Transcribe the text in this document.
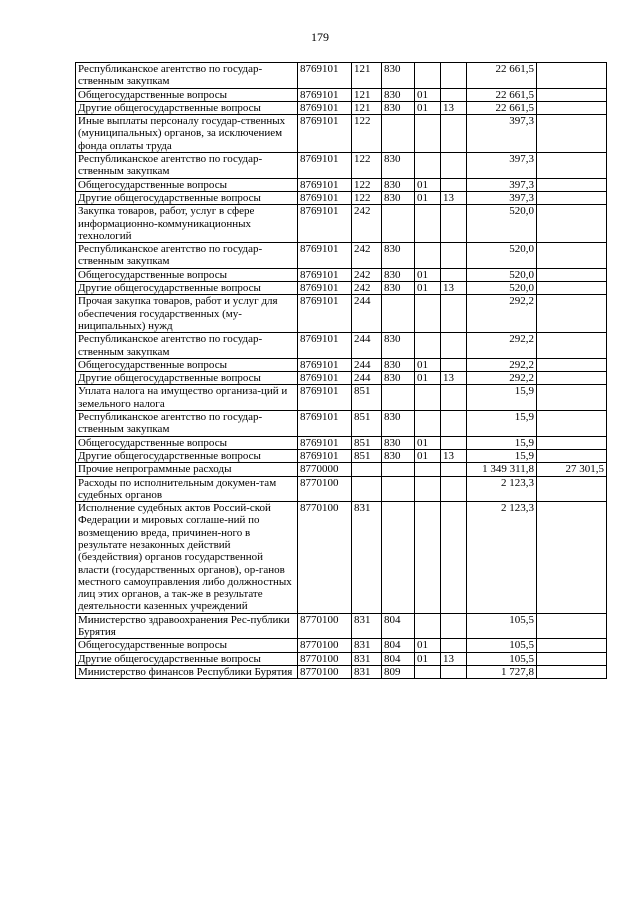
179
Республиканское агентство по государ-ственным закупкам	8769101	121	830			22 661,5	
Общегосударственные вопросы	8769101	121	830	01		22 661,5	
Другие общегосударственные вопросы	8769101	121	830	01	13	22 661,5	
Иные выплаты персоналу государ-ственных (муниципальных) органов, за исключением фонда оплаты труда	8769101	122				397,3	
Республиканское агентство по государ-ственным закупкам	8769101	122	830			397,3	
Общегосударственные вопросы	8769101	122	830	01		397,3	
Другие общегосударственные вопросы	8769101	122	830	01	13	397,3	
Закупка товаров, работ, услуг в сфере информационно-коммуникационных технологий	8769101	242				520,0	
Республиканское агентство по государ-ственным закупкам	8769101	242	830			520,0	
Общегосударственные вопросы	8769101	242	830	01		520,0	
Другие общегосударственные вопросы	8769101	242	830	01	13	520,0	
Прочая закупка товаров, работ и услуг для обеспечения государственных (му-ниципальных) нужд	8769101	244				292,2	
Республиканское агентство по государ-ственным закупкам	8769101	244	830			292,2	
Общегосударственные вопросы	8769101	244	830	01		292,2	
Другие общегосударственные вопросы	8769101	244	830	01	13	292,2	
Уплата налога на имущество организа-ций и земельного налога	8769101	851				15,9	
Республиканское агентство по государ-ственным закупкам	8769101	851	830			15,9	
Общегосударственные вопросы	8769101	851	830	01		15,9	
Другие общегосударственные вопросы	8769101	851	830	01	13	15,9	
Прочие непрограммные расходы	8770000					1 349 311,8	27 301,5
Расходы по исполнительным докумен-там судебных органов	8770100					2 123,3	
Исполнение судебных актов Россий-ской Федерации и мировых соглаше-ний по возмещению вреда, причинен-ного в результате незаконных действий (бездействия) органов государственной власти (государственных органов), ор-ганов местного самоуправления либо должностных лиц этих органов, а так-же в результате деятельности казенных учреждений	8770100	831				2 123,3	
Министерство здравоохранения Рес-публики Бурятия	8770100	831	804			105,5	
Общегосударственные вопросы	8770100	831	804	01		105,5	
Другие общегосударственные вопросы	8770100	831	804	01	13	105,5	
Министерство финансов Республики Бурятия	8770100	831	809			1 727,8	
